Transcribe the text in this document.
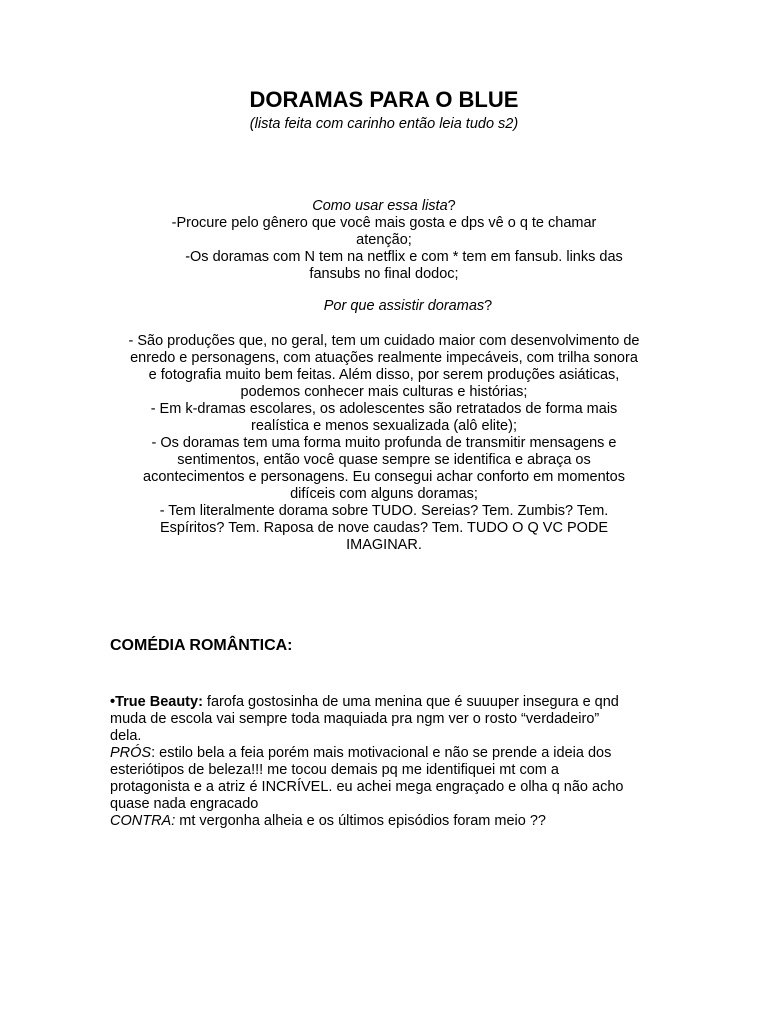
DORAMAS PARA O BLUE
(lista feita com carinho então leia tudo s2)
Como usar essa lista?
-Procure pelo gênero que você mais gosta e dps vê o q te chamar
atenção;
-Os doramas com N tem na netflix e com * tem em fansub. links das
fansubs no final dodoc;
Por que assistir doramas?
- São produções que, no geral, tem um cuidado maior com desenvolvimento de
enredo e personagens, com atuações realmente impecáveis, com trilha sonora
e fotografia muito bem feitas. Além disso, por serem produções asiáticas,
podemos conhecer mais culturas e histórias;
- Em k-dramas escolares, os adolescentes são retratados de forma mais
realística e menos sexualizada (alô elite);
- Os doramas tem uma forma muito profunda de transmitir mensagens e
sentimentos, então você quase sempre se identifica e abraça os
acontecimentos e personagens. Eu consegui achar conforto em momentos
difíceis com alguns doramas;
- Tem literalmente dorama sobre TUDO. Sereias? Tem. Zumbis? Tem.
Espíritos? Tem. Raposa de nove caudas? Tem. TUDO O Q VC PODE
IMAGINAR.
COMÉDIA ROMÂNTICA:
•True Beauty: farofa gostosinha de uma menina que é suuuper insegura e qnd
muda de escola vai sempre toda maquiada pra ngm ver o rosto “verdadeiro”
dela.
PRÓS: estilo bela a feia porém mais motivacional e não se prende a ideia dos
esteriótipos de beleza!!! me tocou demais pq me identifiquei mt com a
protagonista e a atriz é INCRÍVEL. eu achei mega engraçado e olha q não acho
quase nada engracado
CONTRA: mt vergonha alheia e os últimos episódios foram meio ??
